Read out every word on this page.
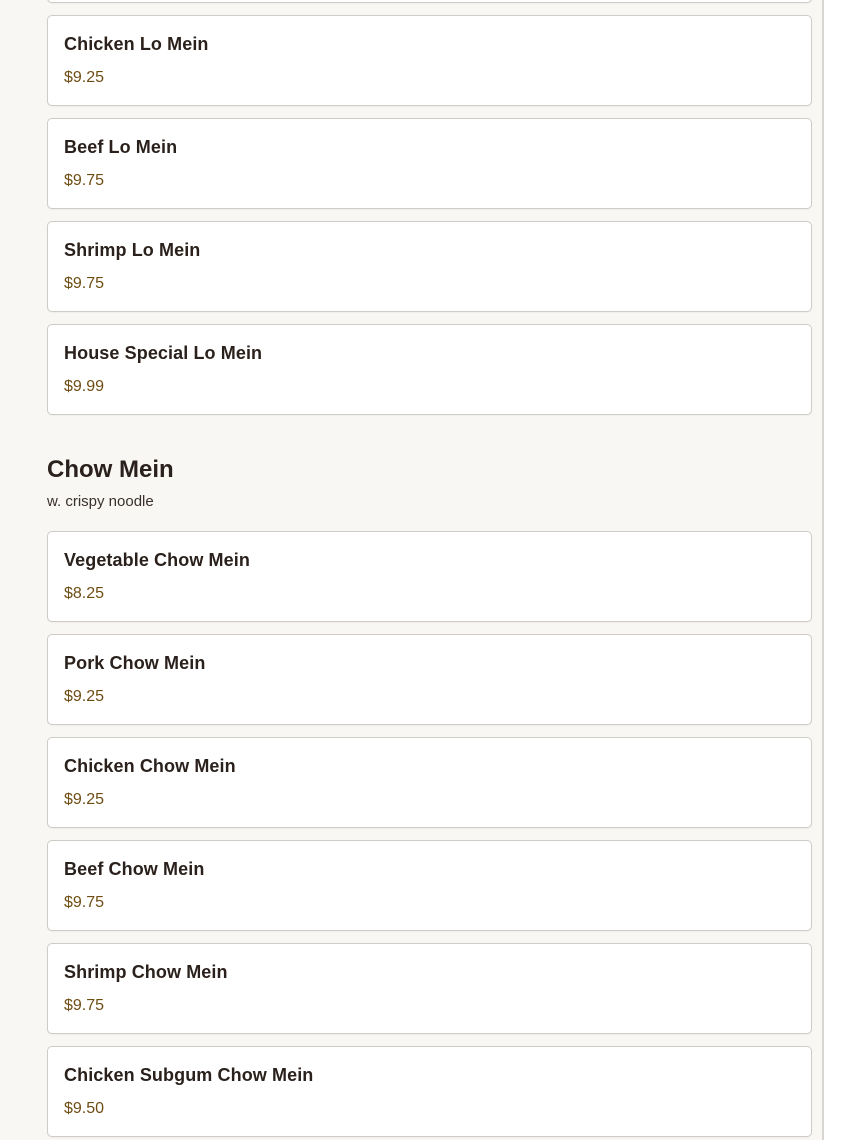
Chicken Lo Mein
$9.25
Beef Lo Mein
$9.75
Shrimp Lo Mein
$9.75
House Special Lo Mein
$9.99
Chow Mein

w. crispy noodle

Vegetable Chow Mein
$8.25
Pork Chow Mein
$9.25
Chicken Chow Mein
$9.25
Beef Chow Mein
$9.75
Shrimp Chow Mein
$9.75
Chicken Subgum Chow Mein
$9.50
